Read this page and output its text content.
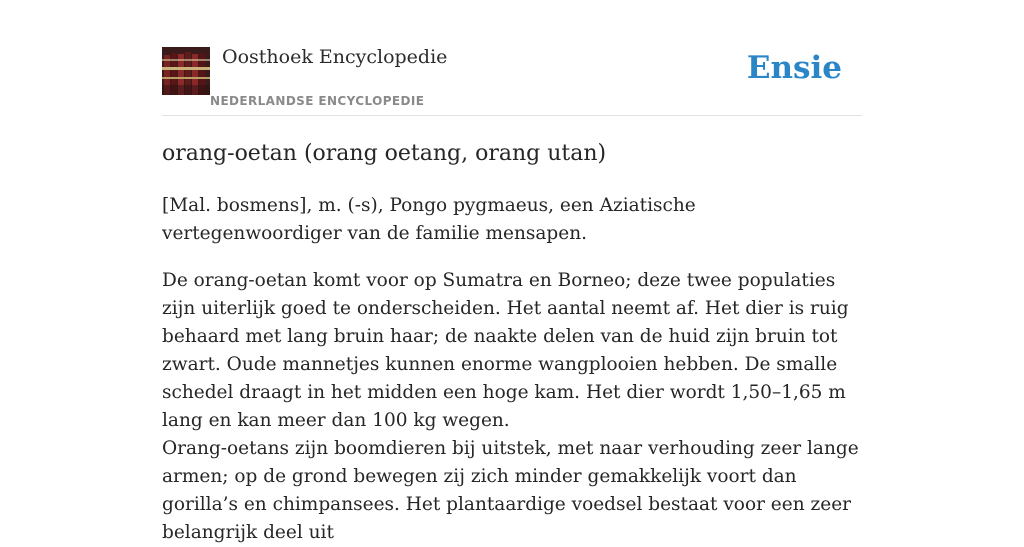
Oosthoek Encyclopedie
NEDERLANDSE ENCYCLOPEDIE
Ensie
orang-oetan (orang oetang, orang utan)

[Mal. bosmens], m. (-s), Pongo pygmaeus, een Aziatische vertegenwoordiger van de familie mensapen.

De orang-oetan komt voor op Sumatra en Borneo; deze twee populaties zijn uiterlijk goed te onderscheiden. Het aantal neemt af. Het dier is ruig behaard met lang bruin haar; de naakte delen van de huid zijn bruin tot zwart. Oude mannetjes kunnen enorme wangplooien hebben. De smalle schedel draagt in het midden een hoge kam. Het dier wordt 1,50–1,65 m lang en kan meer dan 100 kg wegen.

Orang-oetans zijn boomdieren bij uitstek, met naar verhouding zeer lange armen; op de grond bewegen zij zich minder gemakkelijk voort dan gorilla’s en chimpansees. Het plantaardige voedsel bestaat voor een zeer belangrijk deel uit
